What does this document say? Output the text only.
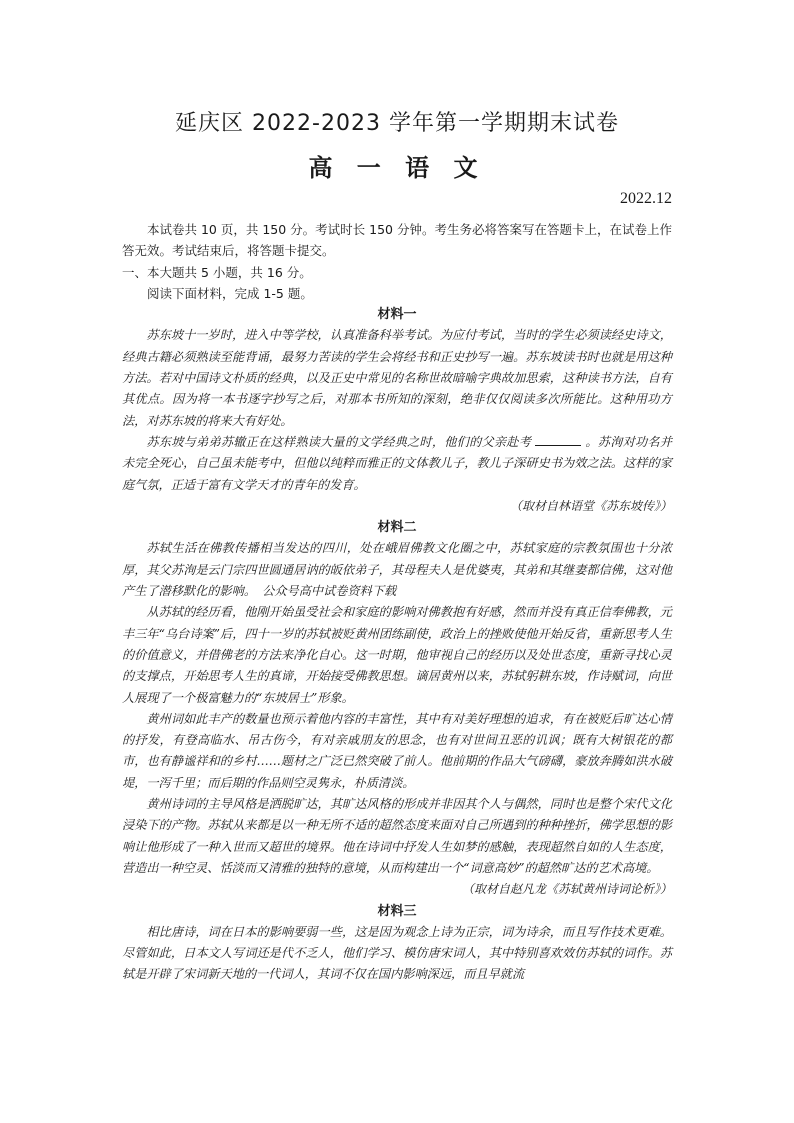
延庆区 2022-2023 学年第一学期期末试卷
高 一 语 文
2022.12

本试卷共 10 页，共 150 分。考试时长 150 分钟。考生务必将答案写在答题卡上，在试卷上作答无效。考试结束后，将答题卡提交。

一、本大题共 5 小题，共 16 分。

阅读下面材料，完成 1-5 题。

材料一

苏东坡十一岁时，进入中等学校，认真准备科举考试。为应付考试，当时的学生必须读经史诗文，经典古籍必须熟读至能背诵，最努力苦读的学生会将经书和正史抄写一遍。苏东坡读书时也就是用这种方法。若对中国诗文朴质的经典，以及正史中常见的名称世故暗喻字典故加思索，这种读书方法，自有其优点。因为将一本书逐字抄写之后，对那本书所知的深刻，绝非仅仅阅读多次所能比。这种用功方法，对苏东坡的将来大有好处。

苏东坡与弟弟苏辙正在这样熟读大量的文学经典之时，他们的父亲赴考	。苏洵对功名并未完全死心，自己虽未能考中，但他以纯粹而雅正的文体教儿子，教儿子深研史书为效之法。这样的家庭气氛，正适于富有文学天才的青年的发育。

（取材自林语堂《苏东坡传》）

材料二

苏轼生活在佛教传播相当发达的四川，处在峨眉佛教文化圈之中，苏轼家庭的宗教氛围也十分浓厚，其父苏洵是云门宗四世圆通居讷的皈依弟子，其母程夫人是优婆夷，其弟和其继妻都信佛，这对他产生了潜移默化的影响。　公众号高中试卷资料下载

从苏轼的经历看，他刚开始虽受社会和家庭的影响对佛教抱有好感，然而并没有真正信奉佛教，元丰三年“乌台诗案”后，四十一岁的苏轼被贬黄州团练副使，政治上的挫败使他开始反省，重新思考人生的价值意义，并借佛老的方法来净化自心。这一时期，他审视自己的经历以及处世态度，重新寻找心灵的支撑点，开始思考人生的真谛，开始接受佛教思想。谪居黄州以来，苏轼躬耕东坡，作诗赋词，向世人展现了一个极富魅力的“东坡居士”形象。

黄州词如此丰产的数量也预示着他内容的丰富性，其中有对美好理想的追求，有在被贬后旷达心情的抒发，有登高临水、吊古伤今，有对亲戚朋友的思念，也有对世间丑恶的讥讽；既有大树银花的都市，也有静谧祥和的乡村……题材之广泛已然突破了前人。他前期的作品大气磅礴，豪放奔腾如洪水破堤，一泻千里；而后期的作品则空灵隽永，朴质清淡。

黄州诗词的主导风格是洒脱旷达，其旷达风格的形成并非因其个人与偶然，同时也是整个宋代文化浸染下的产物。苏轼从来都是以一种无所不适的超然态度来面对自己所遇到的种种挫折，佛学思想的影响让他形成了一种入世而又超世的境界。他在诗词中抒发人生如梦的感触，表现超然自如的人生态度，营造出一种空灵、恬淡而又清雅的独特的意境，从而构建出一个“词意高妙”的超然旷达的艺术高境。

（取材自赵凡龙《苏轼黄州诗词论析》）

材料三

相比唐诗，词在日本的影响要弱一些，这是因为观念上诗为正宗，词为诗余，而且写作技术更难。尽管如此，日本文人写词还是代不乏人，他们学习、模仿唐宋词人，其中特别喜欢效仿苏轼的词作。苏轼是开辟了宋词新天地的一代词人，其词不仅在国内影响深远，而且早就流
